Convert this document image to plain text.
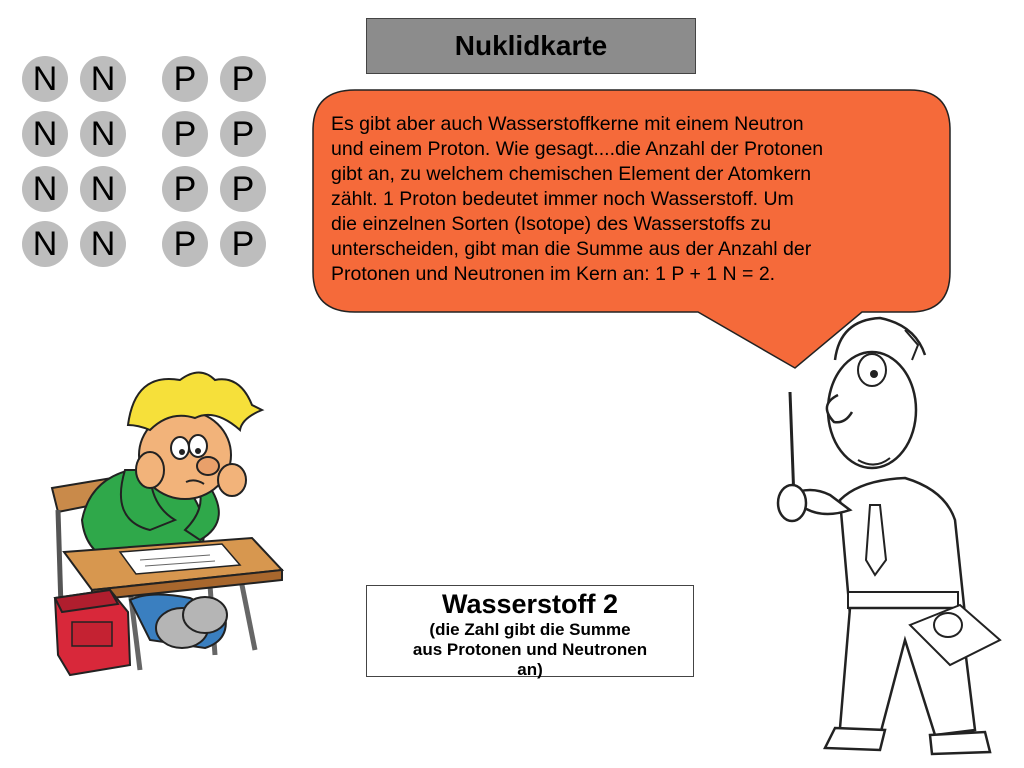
Nuklidkarte
N N	P	P
N N	P	P
N N	P	P
N N	P	P
Es gibt aber auch Wasserstoffkerne mit einem Neutron
und einem Proton. Wie gesagt....die Anzahl der Protonen
gibt an, zu welchem chemischen Element der Atomkern
zählt. 1 Proton bedeutet immer noch Wasserstoff. Um
die einzelnen Sorten (Isotope) des Wasserstoffs zu
unterscheiden, gibt man die Summe aus der Anzahl der
Protonen und Neutronen im Kern an: 1 P + 1 N = 2.
Wasserstoff 2
(die Zahl gibt die Summe
aus Protonen und Neutronen
an)
